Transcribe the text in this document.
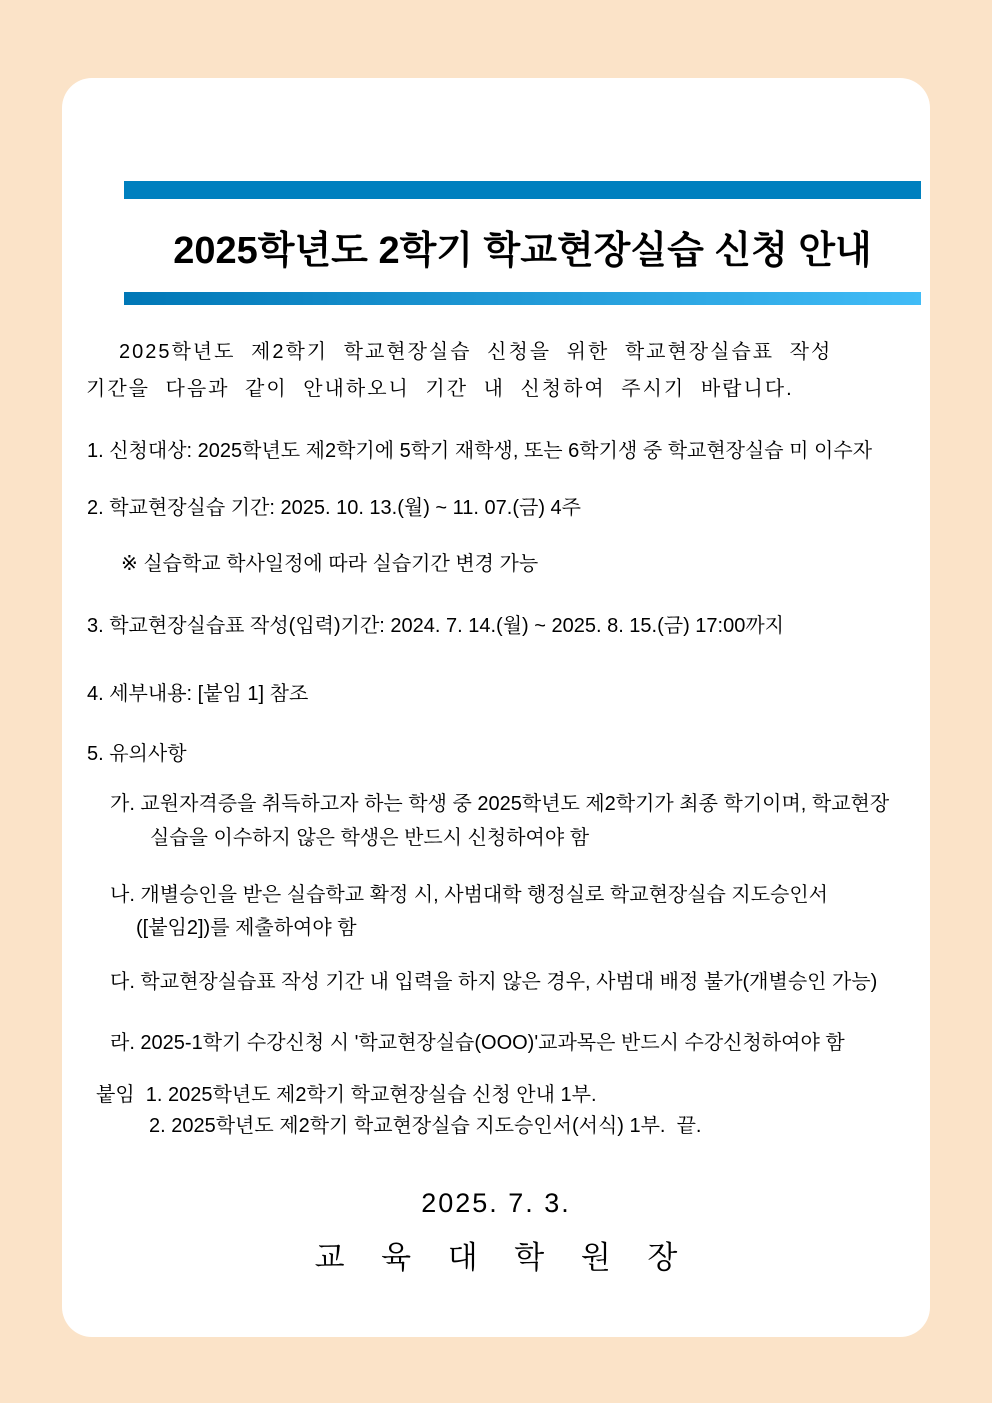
2025학년도 2학기 학교현장실습 신청 안내

2025학년도 제2학기 학교현장실습 신청을 위한 학교현장실습표 작성

기간을 다음과 같이 안내하오니 기간 내 신청하여 주시기 바랍니다.

1. 신청대상: 2025학년도 제2학기에 5학기 재학생, 또는 6학기생 중 학교현장실습 미 이수자

2. 학교현장실습 기간: 2025. 10. 13.(월) ~ 11. 07.(금) 4주

※ 실습학교 학사일정에 따라 실습기간 변경 가능

3. 학교현장실습표 작성(입력)기간: 2024. 7. 14.(월) ~ 2025. 8. 15.(금) 17:00까지

4. 세부내용: [붙임 1] 참조

5. 유의사항

가. 교원자격증을 취득하고자 하는 학생 중 2025학년도 제2학기가 최종 학기이며, 학교현장

실습을 이수하지 않은 학생은 반드시 신청하여야 함

나. 개별승인을 받은 실습학교 확정 시, 사범대학 행정실로 학교현장실습 지도승인서

([붙임2])를 제출하여야 함

다. 학교현장실습표 작성 기간 내 입력을 하지 않은 경우, 사범대 배정 불가(개별승인 가능)

라. 2025-1학기 수강신청 시 '학교현장실습(OOO)'교과목은 반드시 수강신청하여야 함

붙임  1. 2025학년도 제2학기 학교현장실습 신청 안내 1부.

2. 2025학년도 제2학기 학교현장실습 지도승인서(서식) 1부.  끝.

2025. 7. 3.

교 육 대 학 원 장
